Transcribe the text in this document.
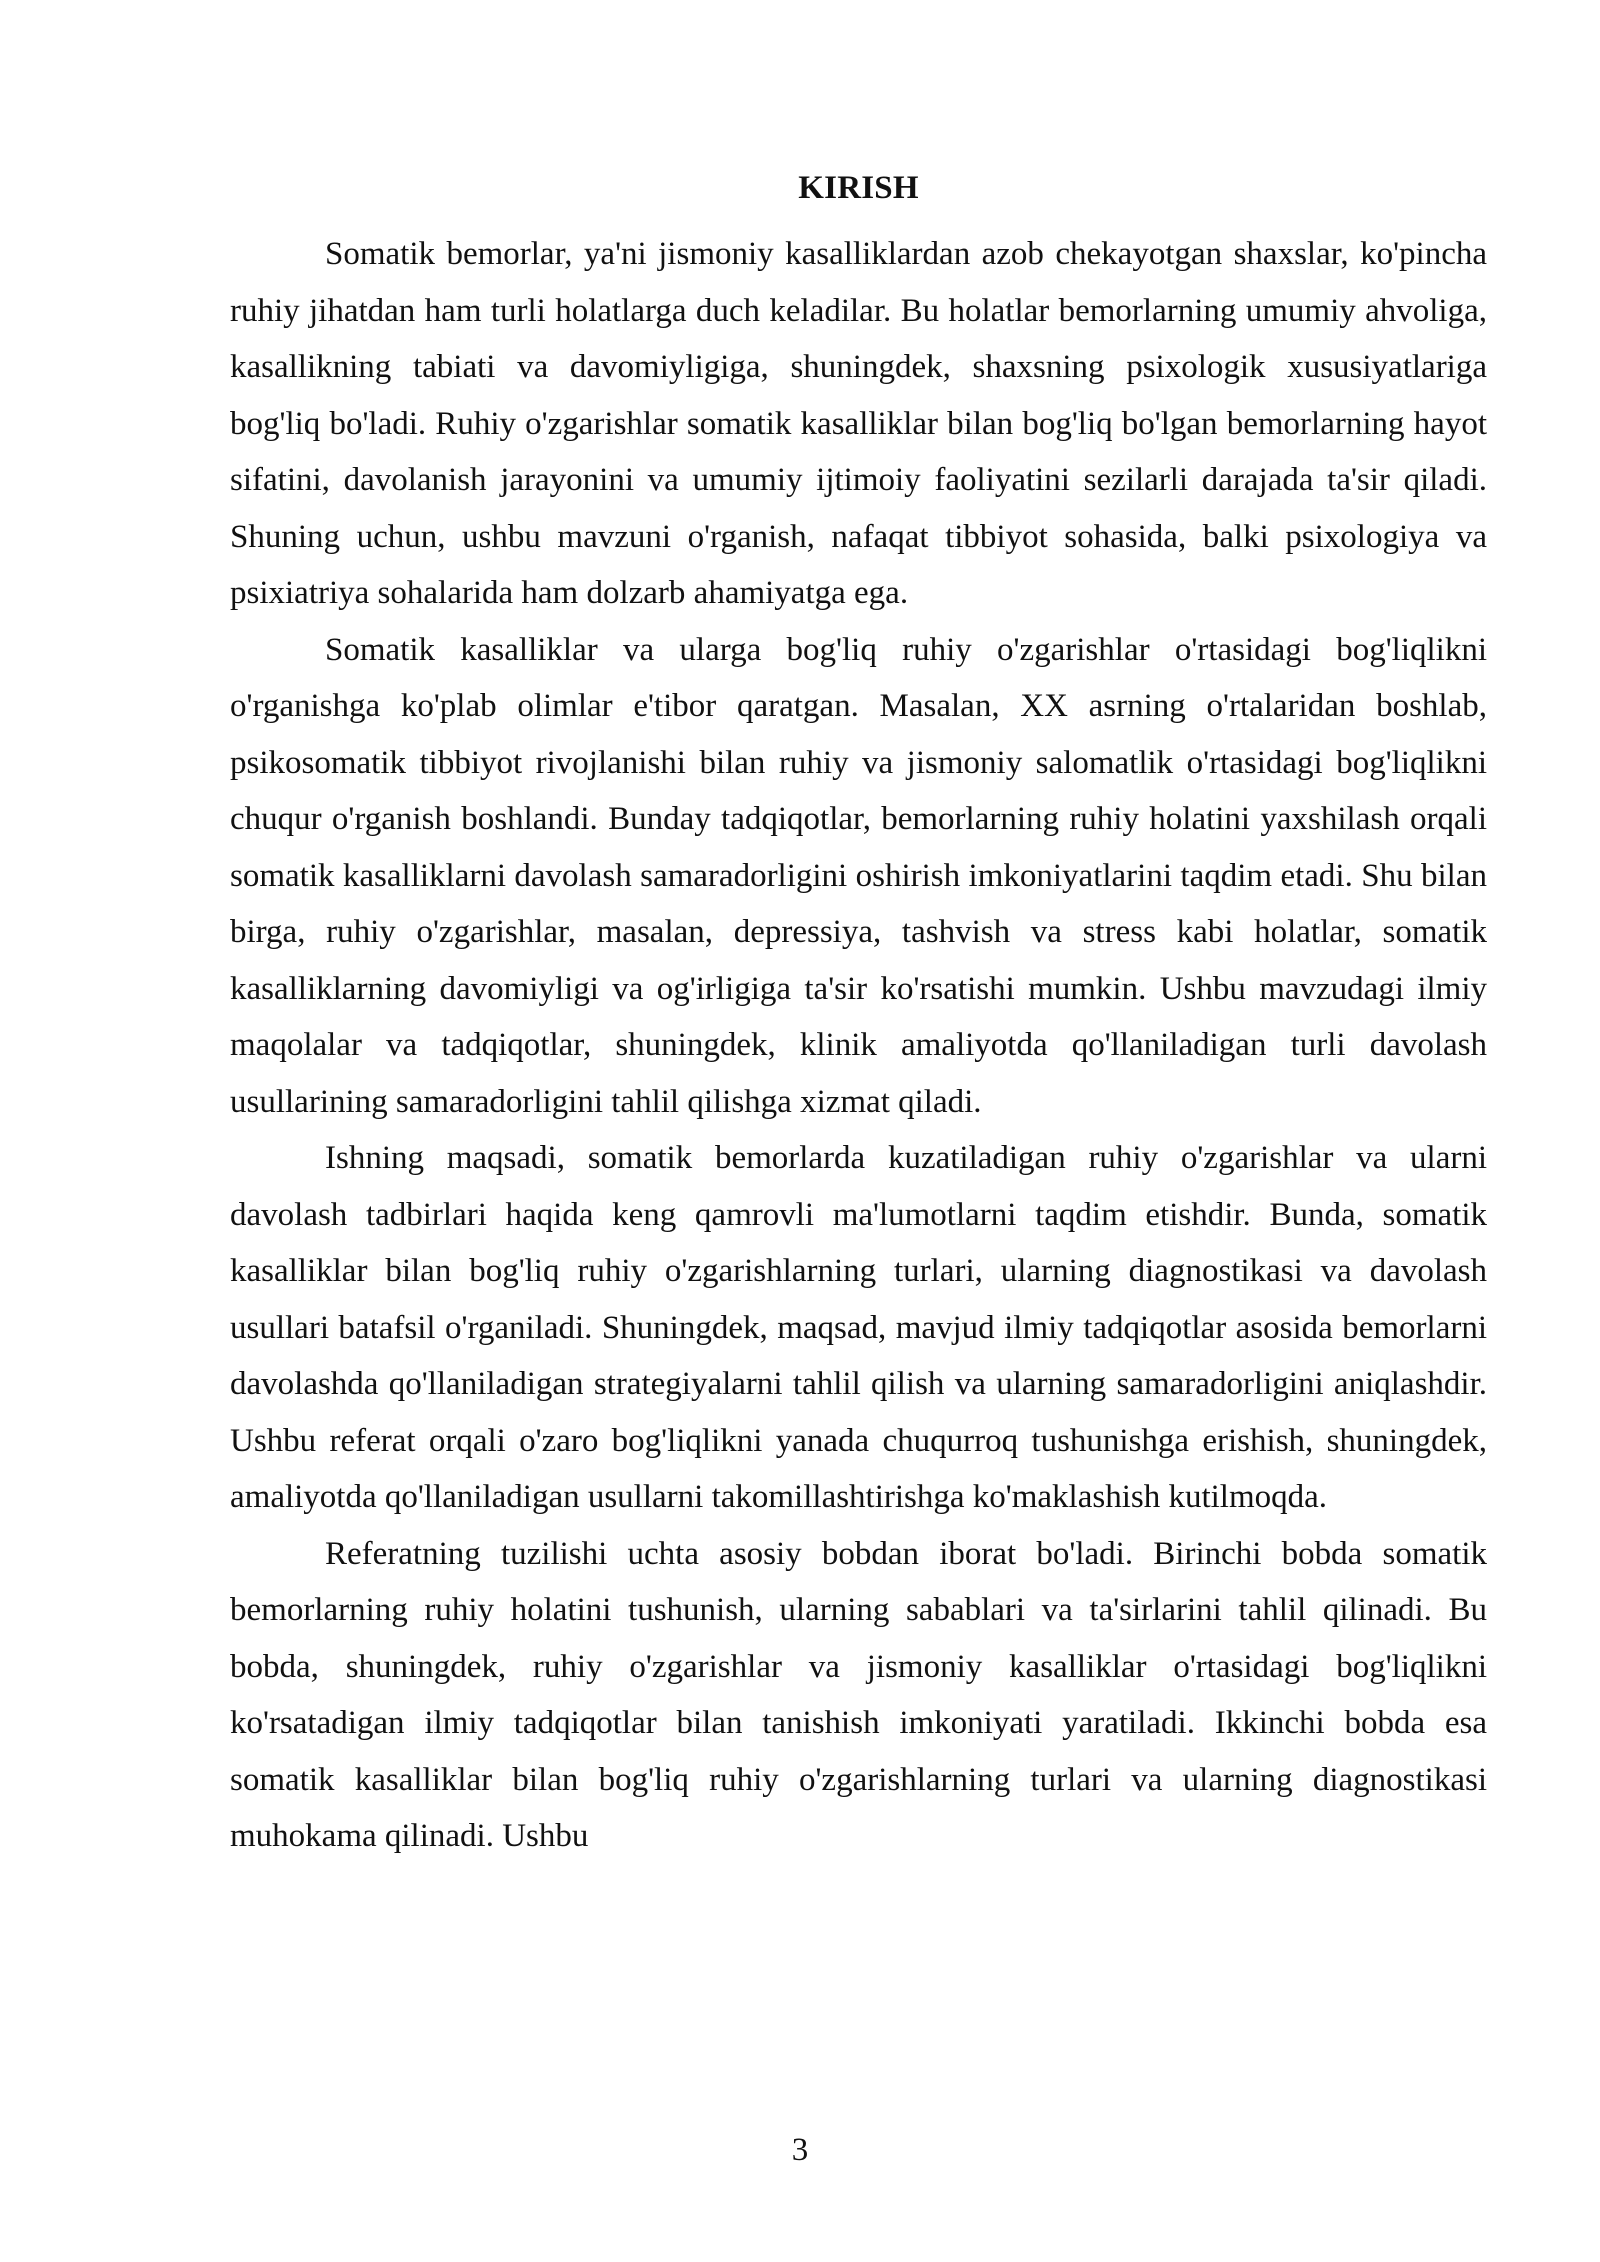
KIRISH

Somatik bemorlar, ya'ni jismoniy kasalliklardan azob chekayotgan shaxslar, ko'pincha ruhiy jihatdan ham turli holatlarga duch keladilar. Bu holatlar bemorlarning umumiy ahvoliga, kasallikning tabiati va davomiyligiga, shuningdek, shaxsning psixologik xususiyatlariga bog'liq bo'ladi. Ruhiy o'zgarishlar somatik kasalliklar bilan bog'liq bo'lgan bemorlarning hayot sifatini, davolanish jarayonini va umumiy ijtimoiy faoliyatini sezilarli darajada ta'sir qiladi. Shuning uchun, ushbu mavzuni o'rganish, nafaqat tibbiyot sohasida, balki psixologiya va psixiatriya sohalarida ham dolzarb ahamiyatga ega.

Somatik kasalliklar va ularga bog'liq ruhiy o'zgarishlar o'rtasidagi bog'liqlikni o'rganishga ko'plab olimlar e'tibor qaratgan. Masalan, XX asrning o'rtalaridan boshlab, psikosomatik tibbiyot rivojlanishi bilan ruhiy va jismoniy salomatlik o'rtasidagi bog'liqlikni chuqur o'rganish boshlandi. Bunday tadqiqotlar, bemorlarning ruhiy holatini yaxshilash orqali somatik kasalliklarni davolash samaradorligini oshirish imkoniyatlarini taqdim etadi. Shu bilan birga, ruhiy o'zgarishlar, masalan, depressiya, tashvish va stress kabi holatlar, somatik kasalliklarning davomiyligi va og'irligiga ta'sir ko'rsatishi mumkin. Ushbu mavzudagi ilmiy maqolalar va tadqiqotlar, shuningdek, klinik amaliyotda qo'llaniladigan turli davolash usullarining samaradorligini tahlil qilishga xizmat qiladi.

Ishning maqsadi, somatik bemorlarda kuzatiladigan ruhiy o'zgarishlar va ularni davolash tadbirlari haqida keng qamrovli ma'lumotlarni taqdim etishdir. Bunda, somatik kasalliklar bilan bog'liq ruhiy o'zgarishlarning turlari, ularning diagnostikasi va davolash usullari batafsil o'rganiladi. Shuningdek, maqsad, mavjud ilmiy tadqiqotlar asosida bemorlarni davolashda qo'llaniladigan strategiyalarni tahlil qilish va ularning samaradorligini aniqlashdir. Ushbu referat orqali o'zaro bog'liqlikni yanada chuqurroq tushunishga erishish, shuningdek, amaliyotda qo'llaniladigan usullarni takomillashtirishga ko'maklashish kutilmoqda.

Referatning tuzilishi uchta asosiy bobdan iborat bo'ladi. Birinchi bobda somatik bemorlarning ruhiy holatini tushunish, ularning sabablari va ta'sirlarini tahlil qilinadi. Bu bobda, shuningdek, ruhiy o'zgarishlar va jismoniy kasalliklar o'rtasidagi bog'liqlikni ko'rsatadigan ilmiy tadqiqotlar bilan tanishish imkoniyati yaratiladi. Ikkinchi bobda esa somatik kasalliklar bilan bog'liq ruhiy o'zgarishlarning turlari va ularning diagnostikasi muhokama qilinadi. Ushbu

3
